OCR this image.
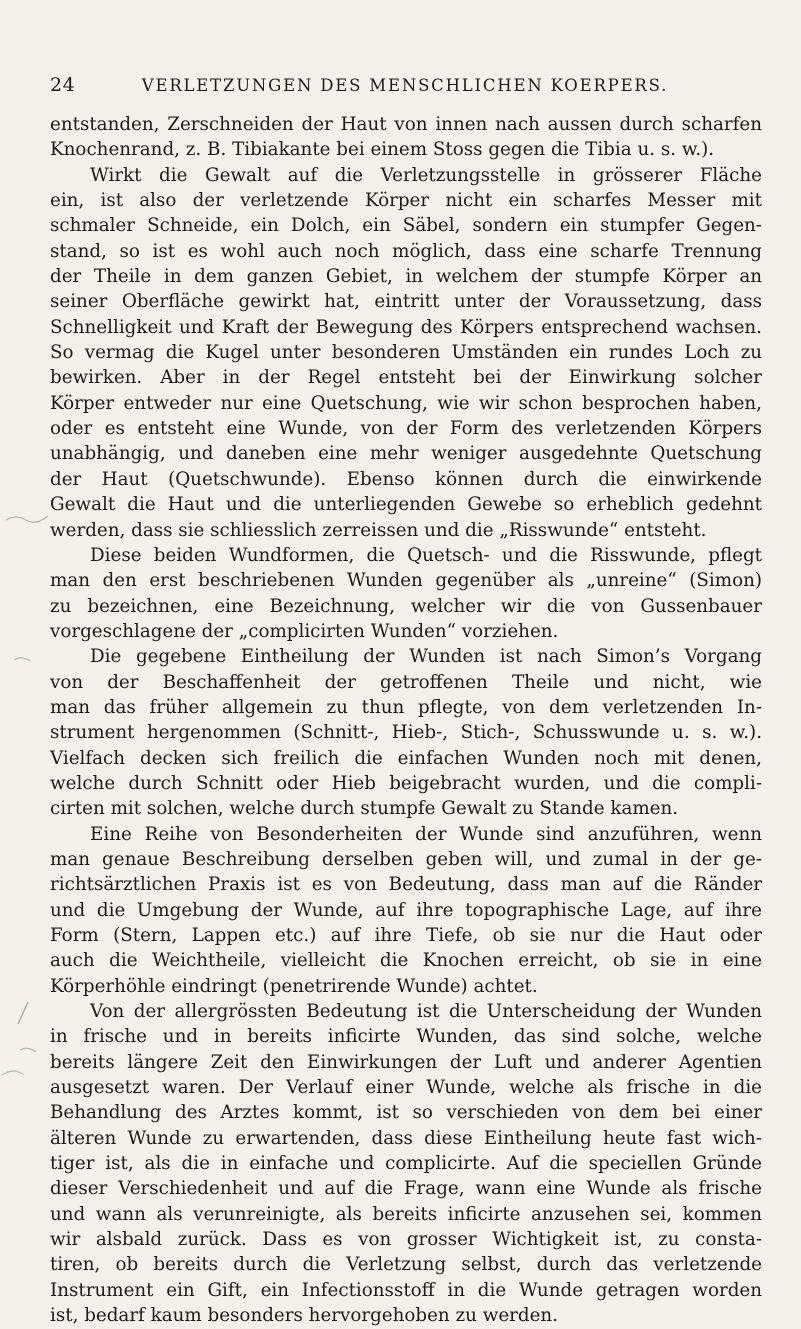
24	VERLETZUNGEN DES MENSCHLICHEN KOERPERS.
entstanden, Zerschneiden der Haut von innen nach aussen durch scharfen
Knochenrand, z. B. Tibiakante bei einem Stoss gegen die Tibia u. s. w.).
Wirkt die Gewalt auf die Verletzungsstelle in grösserer Fläche
ein, ist also der verletzende Körper nicht ein scharfes Messer mit
schmaler Schneide, ein Dolch, ein Säbel, sondern ein stumpfer Gegen-
stand, so ist es wohl auch noch möglich, dass eine scharfe Trennung
der Theile in dem ganzen Gebiet, in welchem der stumpfe Körper an
seiner Oberfläche gewirkt hat, eintritt unter der Voraussetzung, dass
Schnelligkeit und Kraft der Bewegung des Körpers entsprechend wachsen.
So vermag die Kugel unter besonderen Umständen ein rundes Loch zu
bewirken. Aber in der Regel entsteht bei der Einwirkung solcher
Körper entweder nur eine Quetschung, wie wir schon besprochen haben,
oder es entsteht eine Wunde, von der Form des verletzenden Körpers
unabhängig, und daneben eine mehr weniger ausgedehnte Quetschung
der Haut (Quetschwunde). Ebenso können durch die einwirkende
Gewalt die Haut und die unterliegenden Gewebe so erheblich gedehnt
werden, dass sie schliesslich zerreissen und die „Risswunde“ entsteht.
Diese beiden Wundformen, die Quetsch- und die Risswunde, pflegt
man den erst beschriebenen Wunden gegenüber als „unreine“ (Simon)
zu bezeichnen, eine Bezeichnung, welcher wir die von Gussenbauer
vorgeschlagene der „complicirten Wunden“ vorziehen.
Die gegebene Eintheilung der Wunden ist nach Simon’s Vorgang
von der Beschaffenheit der getroffenen Theile und nicht, wie
man das früher allgemein zu thun pflegte, von dem verletzenden In-
strument hergenommen (Schnitt-, Hieb-, Stich-, Schusswunde u. s. w.).
Vielfach decken sich freilich die einfachen Wunden noch mit denen,
welche durch Schnitt oder Hieb beigebracht wurden, und die compli-
cirten mit solchen, welche durch stumpfe Gewalt zu Stande kamen.
Eine Reihe von Besonderheiten der Wunde sind anzuführen, wenn
man genaue Beschreibung derselben geben will, und zumal in der ge-
richtsärztlichen Praxis ist es von Bedeutung, dass man auf die Ränder
und die Umgebung der Wunde, auf ihre topographische Lage, auf ihre
Form (Stern, Lappen etc.) auf ihre Tiefe, ob sie nur die Haut oder
auch die Weichtheile, vielleicht die Knochen erreicht, ob sie in eine
Körperhöhle eindringt (penetrirende Wunde) achtet.
Von der allergrössten Bedeutung ist die Unterscheidung der Wunden
in frische und in bereits inficirte Wunden, das sind solche, welche
bereits längere Zeit den Einwirkungen der Luft und anderer Agentien
ausgesetzt waren. Der Verlauf einer Wunde, welche als frische in die
Behandlung des Arztes kommt, ist so verschieden von dem bei einer
älteren Wunde zu erwartenden, dass diese Eintheilung heute fast wich-
tiger ist, als die in einfache und complicirte. Auf die speciellen Gründe
dieser Verschiedenheit und auf die Frage, wann eine Wunde als frische
und wann als verunreinigte, als bereits inficirte anzusehen sei, kommen
wir alsbald zurück. Dass es von grosser Wichtigkeit ist, zu consta-
tiren, ob bereits durch die Verletzung selbst, durch das verletzende
Instrument ein Gift, ein Infectionsstoff in die Wunde getragen worden
ist, bedarf kaum besonders hervorgehoben zu werden.
